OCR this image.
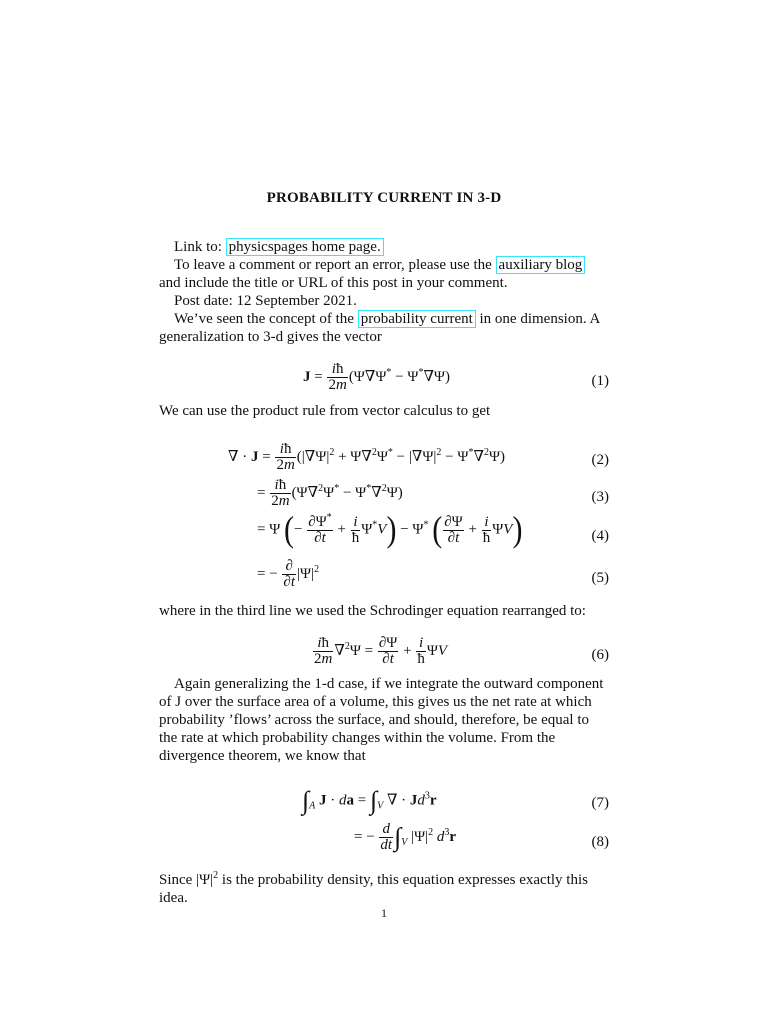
PROBABILITY CURRENT IN 3-D

Link to: physicspages home page.

To leave a comment or report an error, please use the auxiliary blog and include the title or URL of this post in your comment.

Post date: 12 September 2021.

We’ve seen the concept of the probability current in one dimension. A generalization to 3-d gives the vector

$J = \frac{iħ}{2m} (\Psi\nabla\Psi^* - \Psi^*\nabla\Psi)$	(1)
We can use the product rule from vector calculus to get
∇ · $J = \frac{iħ}{2m} (|\nabla\Psi|^2 + \Psi\nabla^2\Psi^* - |\nabla\Psi|^2 - \Psi^*\nabla^2\Psi)$	(2)
= $\frac{iħ}{2m} (\Psi\nabla^2\Psi^* - \Psi^*\nabla^2\Psi)$	(3)
= Ψ (− $\frac{\partial\Psi^*}{\partial t} + \frac{i}{ħ} \Psi^*V) - \Psi^*$ ( $\frac{\partial\Psi}{\partial t} + \frac{i}{ħ} \Psi V$)	(4)
= − $\frac{\partial}{\partial t} |\Psi|^2$
(5)
where in the third line we used the Schrodinger equation rearranged to:
$\frac{iħ}{2m} \nabla^2\Psi = \frac{\partial\Psi}{\partial t} + \frac{i}{ħ}$ ΨV	(6)

Again generalizing the 1-d case, if we integrate the outward component of J over the surface area of a volume, this gives us the net rate at which probability ’flows’ across the surface, and should, therefore, be equal to the rate at which probability changes within the volume. From the divergence theorem, we know that

$\int_A$ J · da = $\int_V$ ∇ · $Jd^3r$	(7)
= − $\frac{d}{dt} \int_V$ $|\Psi|^2$ $d^3r$	(8)

Since $|\Psi|^2$ is the probability density, this equation expresses exactly this idea.

1
